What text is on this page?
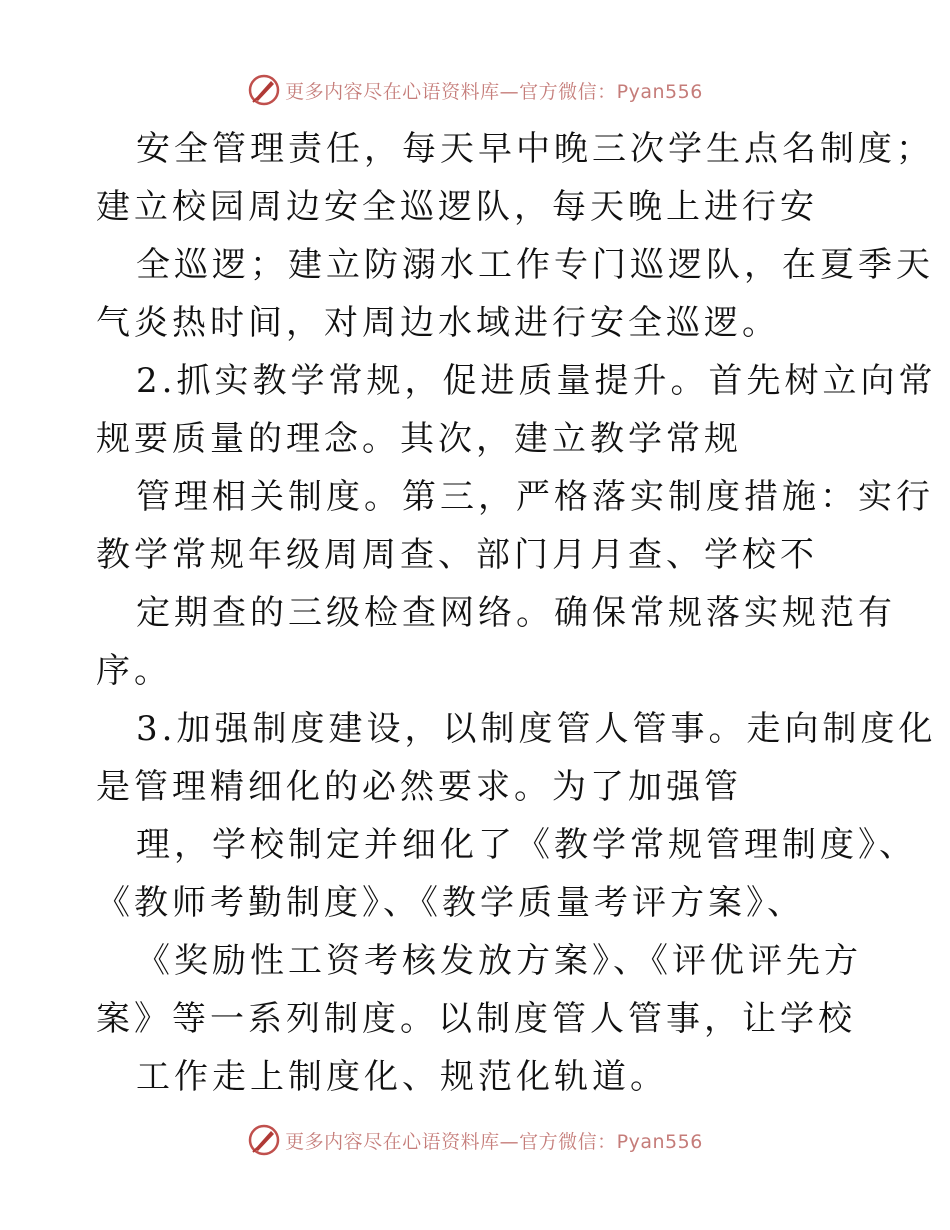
更多内容尽在心语资料库—官方微信：Pyan556
安全管理责任，每天早中晚三次学生点名制度；
建立校园周边安全巡逻队，每天晚上进行安
全巡逻；建立防溺水工作专门巡逻队，在夏季天
气炎热时间，对周边水域进行安全巡逻。
2.抓实教学常规，促进质量提升。首先树立向常
规要质量的理念。其次，建立教学常规
管理相关制度。第三，严格落实制度措施：实行
教学常规年级周周查、部门月月查、学校不
定期查的三级检查网络。确保常规落实规范有
序。
3.加强制度建设，以制度管人管事。走向制度化
是管理精细化的必然要求。为了加强管
理，学校制定并细化了《教学常规管理制度》、
《教师考勤制度》、《教学质量考评方案》、
《奖励性工资考核发放方案》、《评优评先方
案》等一系列制度。以制度管人管事，让学校
工作走上制度化、规范化轨道。
更多内容尽在心语资料库—官方微信：Pyan556
